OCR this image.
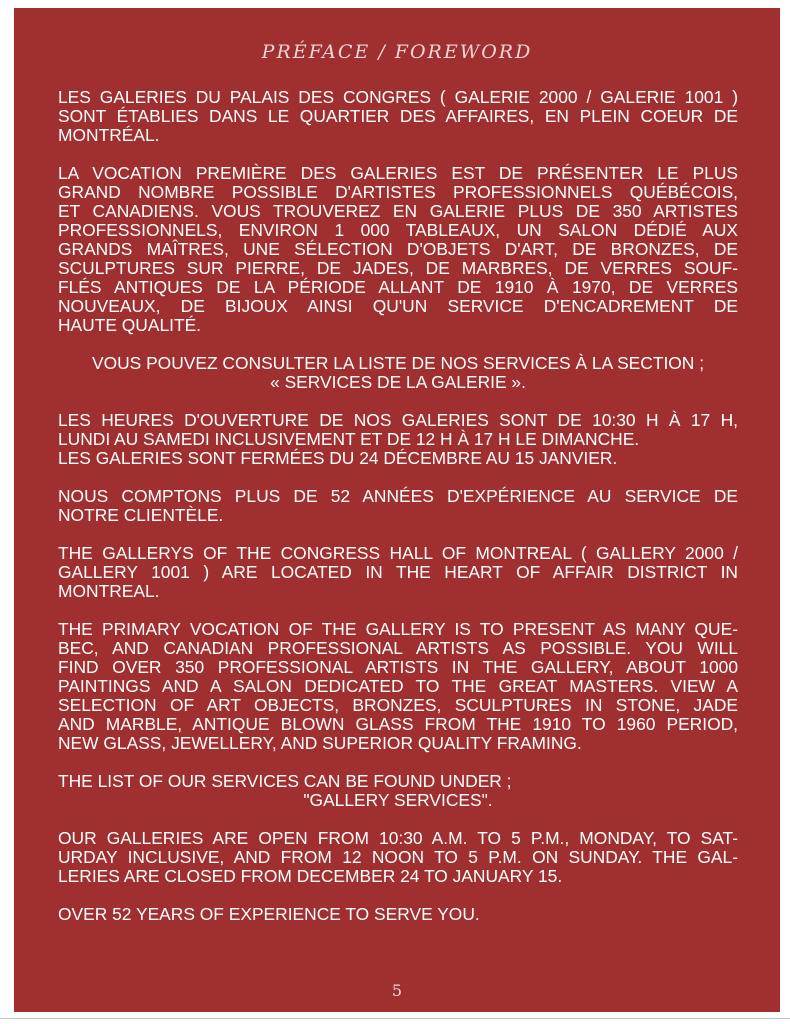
PRÉFACE / FOREWORD

LES GALERIES DU PALAIS DES CONGRES ( GALERIE 2000 / GALERIE 1001 )
SONT ÉTABLIES DANS LE QUARTIER DES AFFAIRES, EN PLEIN COEUR DE
MONTRÉAL.

LA VOCATION PREMIÈRE DES GALERIES EST DE PRÉSENTER LE PLUS
GRAND NOMBRE POSSIBLE D'ARTISTES PROFESSIONNELS QUÉBÉCOIS,
ET CANADIENS. VOUS TROUVEREZ EN GALERIE PLUS DE 350 ARTISTES
PROFESSIONNELS, ENVIRON 1 000 TABLEAUX, UN SALON DÉDIÉ AUX
GRANDS MAÎTRES, UNE SÉLECTION D'OBJETS D'ART, DE BRONZES, DE
SCULPTURES SUR PIERRE, DE JADES, DE MARBRES, DE VERRES SOUF-
FLÉS ANTIQUES DE LA PÉRIODE ALLANT DE 1910 À 1970, DE VERRES
NOUVEAUX, DE BIJOUX AINSI QU'UN SERVICE D'ENCADREMENT DE
HAUTE QUALITÉ.

VOUS POUVEZ CONSULTER LA LISTE DE NOS SERVICES À LA SECTION ;
« SERVICES DE LA GALERIE ».

LES HEURES D'OUVERTURE DE NOS GALERIES SONT DE 10:30 H À 17 H,
LUNDI AU SAMEDI INCLUSIVEMENT ET DE 12 H À 17 H LE DIMANCHE.
LES GALERIES SONT FERMÉES DU 24 DÉCEMBRE AU 15 JANVIER.

NOUS COMPTONS PLUS DE 52 ANNÉES D'EXPÉRIENCE AU SERVICE DE
NOTRE CLIENTÈLE.

THE GALLERYS OF THE CONGRESS HALL OF MONTREAL ( GALLERY 2000 /
GALLERY 1001 ) ARE LOCATED IN THE HEART OF AFFAIR DISTRICT IN
MONTREAL.

THE PRIMARY VOCATION OF THE GALLERY IS TO PRESENT AS MANY QUE-
BEC, AND CANADIAN PROFESSIONAL ARTISTS AS POSSIBLE. YOU WILL
FIND OVER 350 PROFESSIONAL ARTISTS IN THE GALLERY, ABOUT 1000
PAINTINGS AND A SALON DEDICATED TO THE GREAT MASTERS. VIEW A
SELECTION OF ART OBJECTS, BRONZES, SCULPTURES IN STONE, JADE
AND MARBLE, ANTIQUE BLOWN GLASS FROM THE 1910 TO 1960 PERIOD,
NEW GLASS, JEWELLERY, AND SUPERIOR QUALITY FRAMING.

THE LIST OF OUR SERVICES CAN BE FOUND UNDER ;
"GALLERY SERVICES".

OUR GALLERIES ARE OPEN FROM 10:30 A.M. TO 5 P.M., MONDAY, TO SAT-
URDAY INCLUSIVE, AND FROM 12 NOON TO 5 P.M. ON SUNDAY. THE GAL-
LERIES ARE CLOSED FROM DECEMBER 24 TO JANUARY 15.

OVER 52 YEARS OF EXPERIENCE TO SERVE YOU.

5
